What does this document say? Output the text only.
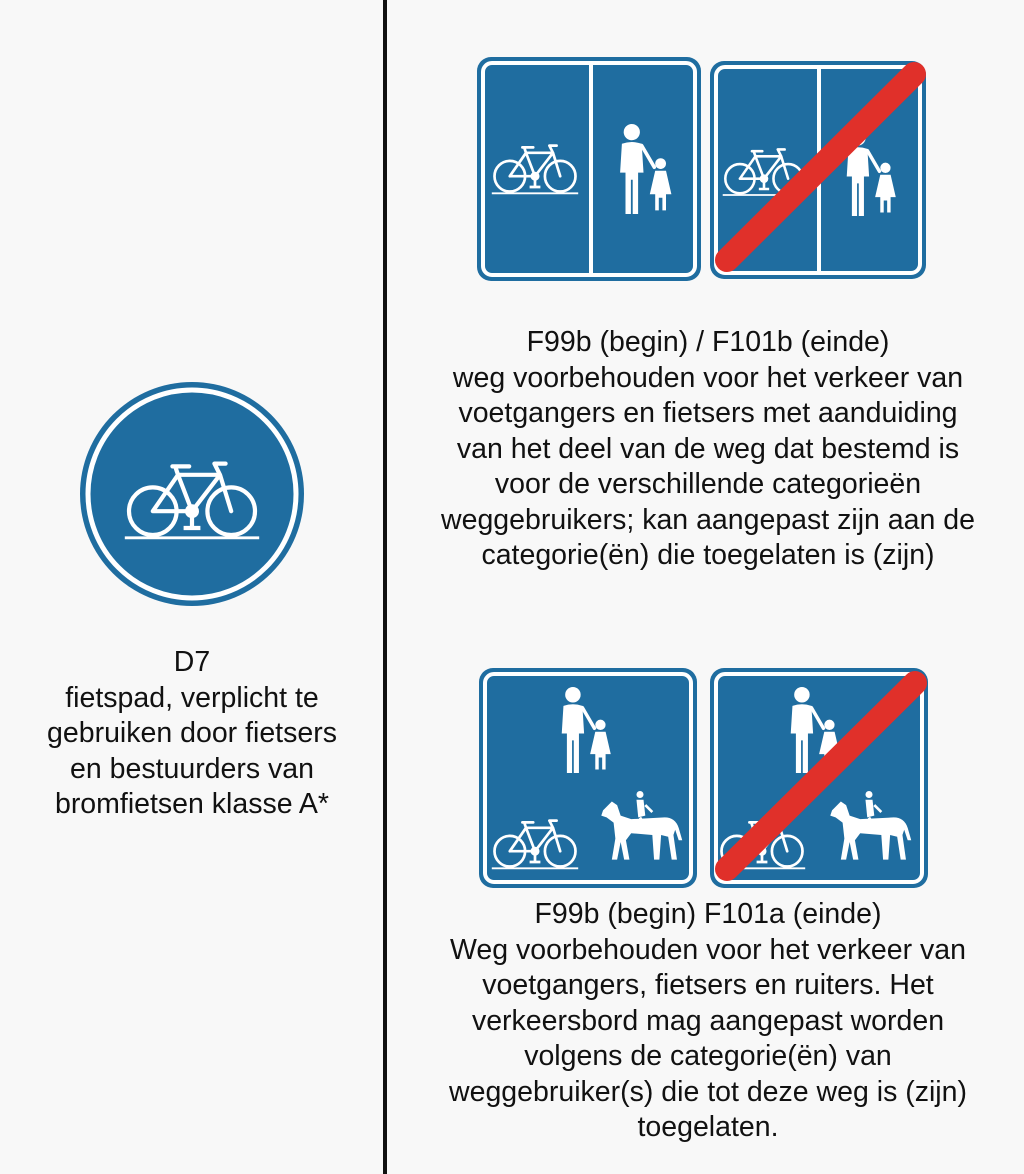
D7
fietspad, verplicht te
gebruiken door fietsers
en bestuurders van
bromfietsen klasse A*
F99b (begin) / F101b (einde)
weg voorbehouden voor het verkeer van
voetgangers en fietsers met aanduiding
van het deel van de weg dat bestemd is
voor de verschillende categorieën
weggebruikers; kan aangepast zijn aan de
categorie(ën) die toegelaten is (zijn)
F99b (begin) F101a (einde)
Weg voorbehouden voor het verkeer van
voetgangers, fietsers en ruiters. Het
verkeersbord mag aangepast worden
volgens de categorie(ën) van
weggebruiker(s) die tot deze weg is (zijn)
toegelaten.
